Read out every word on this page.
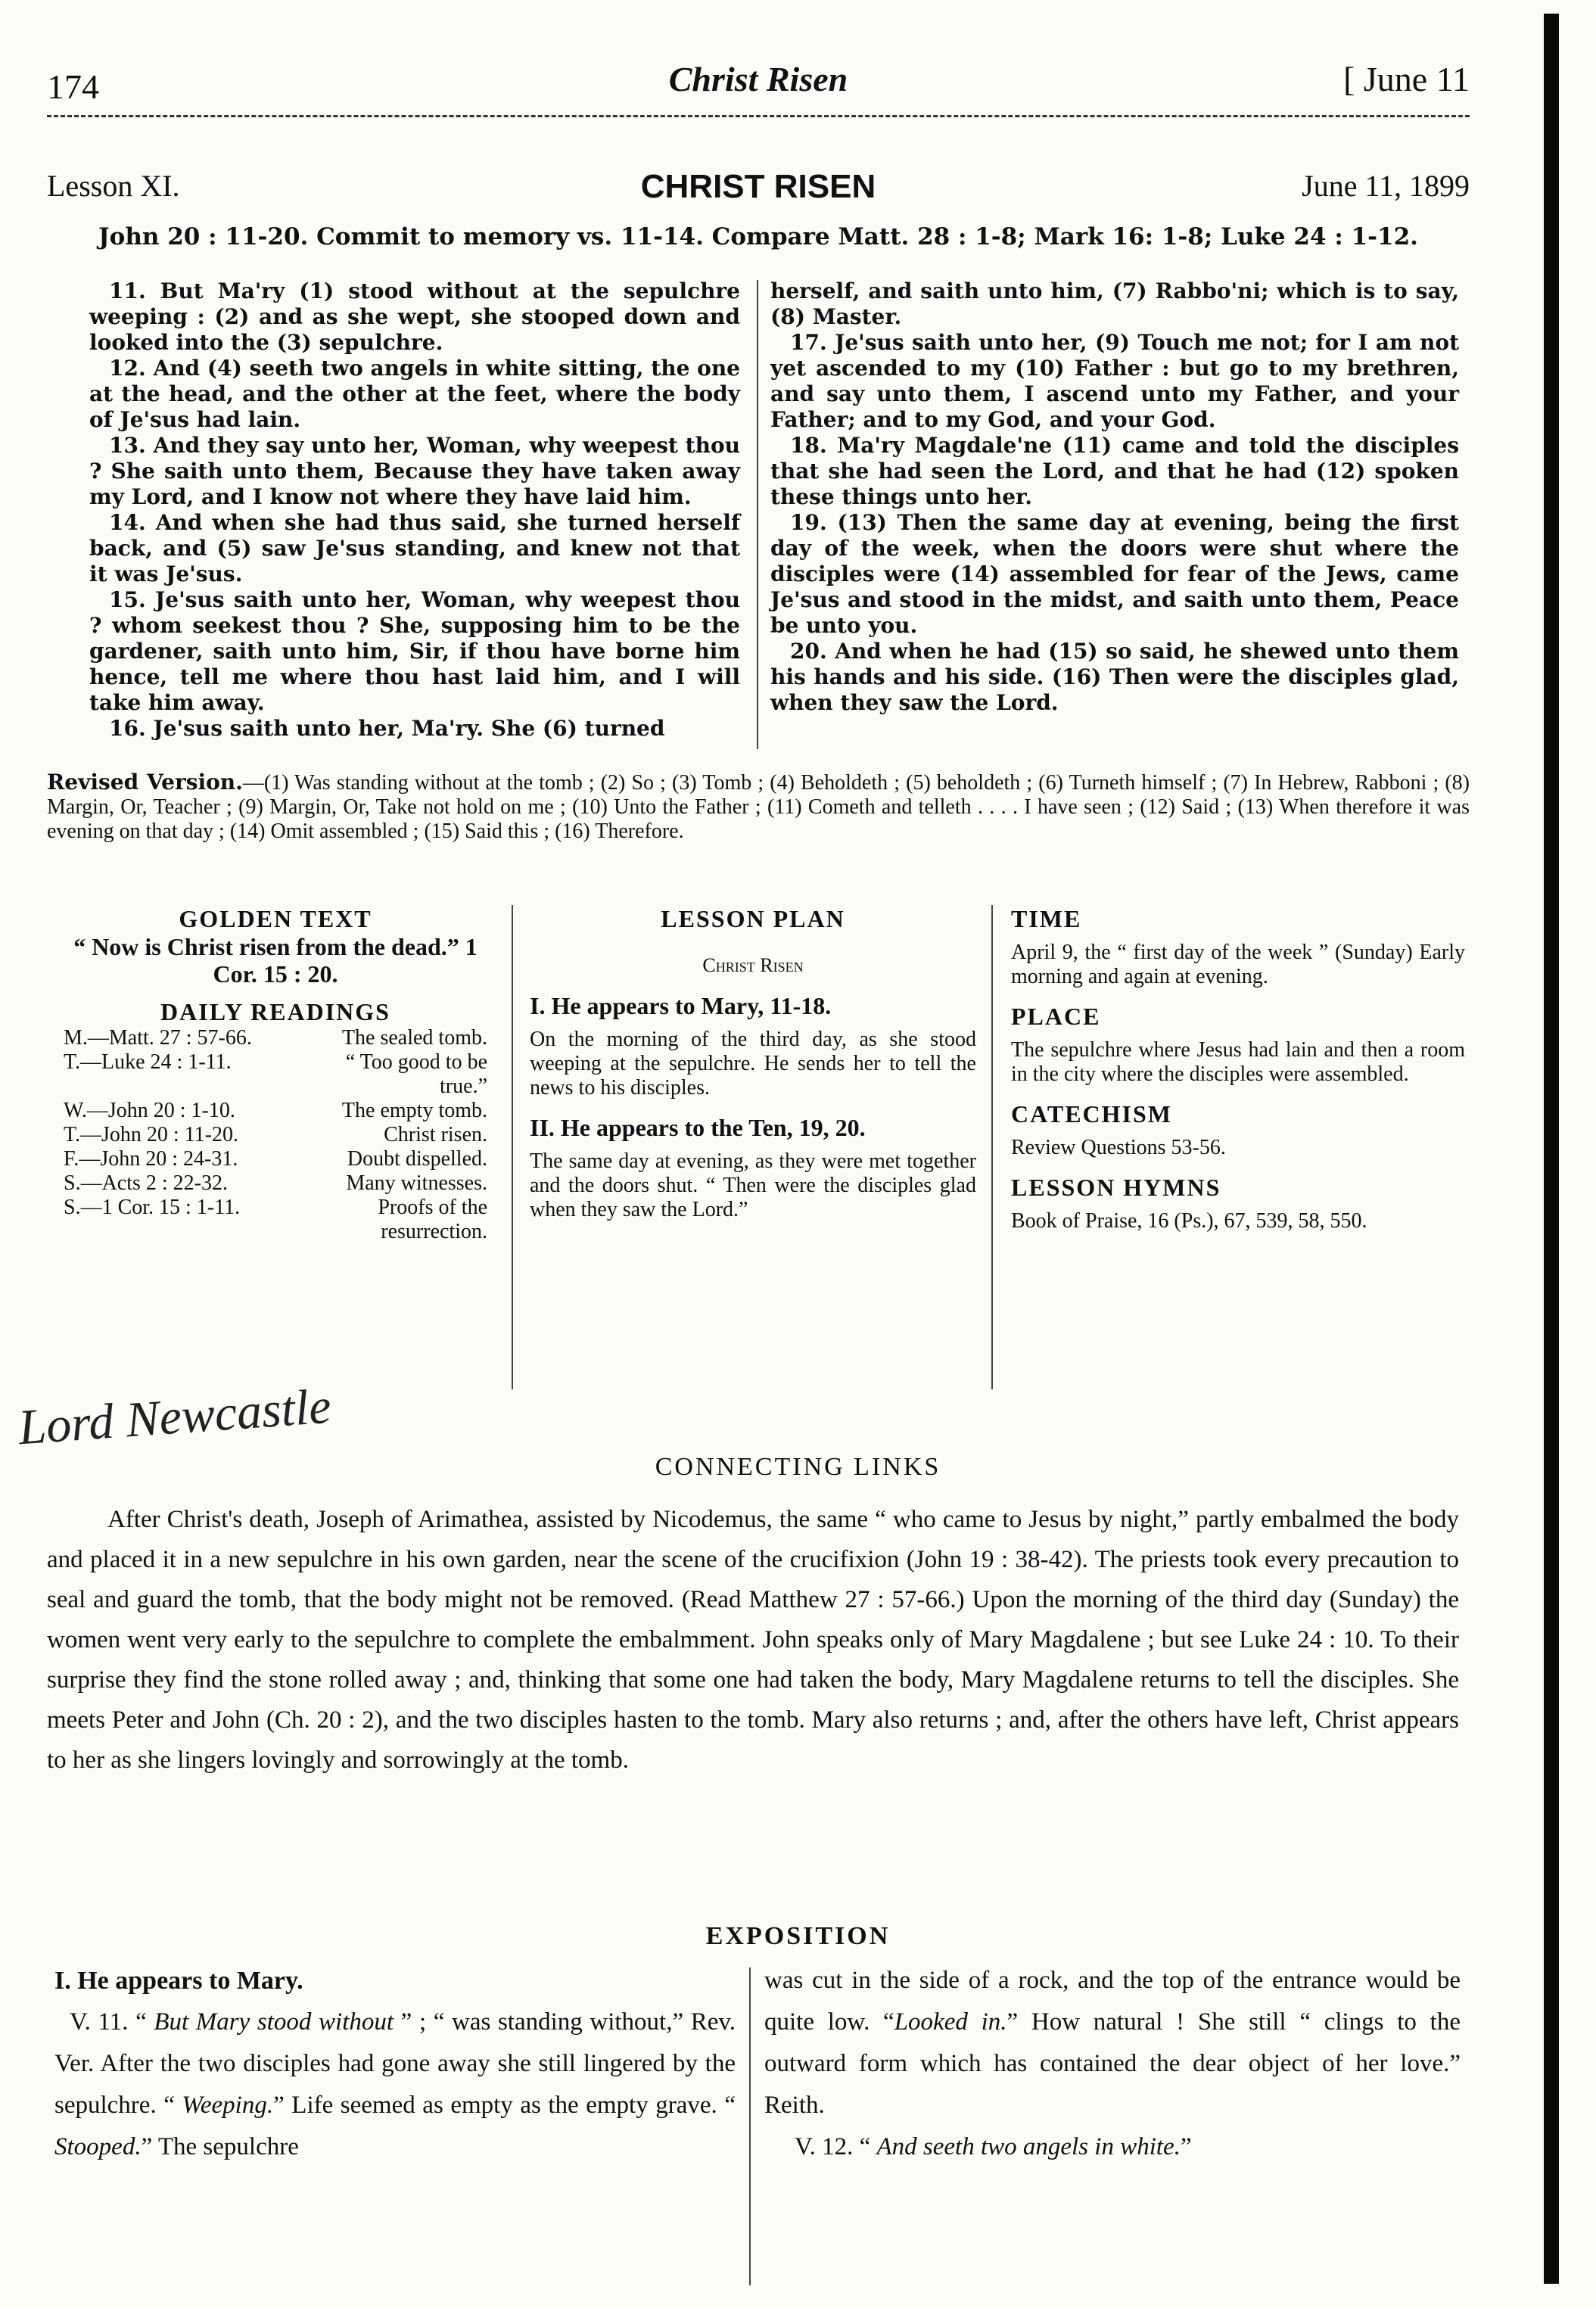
174	Christ Risen	[ June 11
Lesson XI.	CHRIST RISEN	June 11, 1899
John 20 : 11-20. Commit to memory vs. 11-14. Compare Matt. 28 : 1-8; Mark 16: 1-8; Luke 24 : 1-12.

11. But Ma'ry (1) stood without at the sepulchre weeping : (2) and as she wept, she stooped down and looked into the (3) sepulchre.

12. And (4) seeth two angels in white sitting, the one at the head, and the other at the feet, where the body of Je'sus had lain.

13. And they say unto her, Woman, why weepest thou ? She saith unto them, Because they have taken away my Lord, and I know not where they have laid him.

14. And when she had thus said, she turned herself back, and (5) saw Je'sus standing, and knew not that it was Je'sus.

15. Je'sus saith unto her, Woman, why weepest thou ? whom seekest thou ? She, supposing him to be the gardener, saith unto him, Sir, if thou have borne him hence, tell me where thou hast laid him, and I will take him away.

16. Je'sus saith unto her, Ma'ry. She (6) turned

herself, and saith unto him, (7) Rabbo'ni; which is to say, (8) Master.

17. Je'sus saith unto her, (9) Touch me not; for I am not yet ascended to my (10) Father : but go to my brethren, and say unto them, I ascend unto my Father, and your Father; and to my God, and your God.

18. Ma'ry Magdale'ne (11) came and told the disciples that she had seen the Lord, and that he had (12) spoken these things unto her.

19. (13) Then the same day at evening, being the first day of the week, when the doors were shut where the disciples were (14) assembled for fear of the Jews, came Je'sus and stood in the midst, and saith unto them, Peace be unto you.

20. And when he had (15) so said, he shewed unto them his hands and his side. (16) Then were the disciples glad, when they saw the Lord.

Revised Version.—(1) Was standing without at the tomb ; (2) So ; (3) Tomb ; (4) Beholdeth ; (5) beholdeth ; (6) Turneth himself ; (7) In Hebrew, Rabboni ; (8) Margin, Or, Teacher ; (9) Margin, Or, Take not hold on me ; (10) Unto the Father ; (11) Cometh and telleth . . . . I have seen ; (12) Said ; (13) When therefore it was evening on that day ; (14) Omit assembled ; (15) Said this ; (16) Therefore.
GOLDEN TEXT
“ Now is Christ risen from the dead.” 1 Cor. 15 : 20.
DAILY READINGS
M.—Matt. 27 : 57-66.	The sealed tomb.
T.—Luke 24 : 1-11.	“ Too good to be true.”
W.—John 20 : 1-10.	The empty tomb.
T.—John 20 : 11-20.	Christ risen.
F.—John 20 : 24-31.	Doubt dispelled.
S.—Acts 2 : 22-32.	Many witnesses.
S.—1 Cor. 15 : 1-11.	Proofs of the resurrection.
LESSON PLAN
Christ Risen
I. He appears to Mary, 11-18.

On the morning of the third day, as she stood weeping at the sepulchre. He sends her to tell the news to his disciples.

II. He appears to the Ten, 19, 20.

The same day at evening, as they were met together and the doors shut. “ Then were the disciples glad when they saw the Lord.”

TIME

April 9, the “ first day of the week ” (Sunday) Early morning and again at evening.

PLACE

The sepulchre where Jesus had lain and then a room in the city where the disciples were assembled.

CATECHISM

Review Questions 53-56.

LESSON HYMNS

Book of Praise, 16 (Ps.), 67, 539, 58, 550.

Lord Newcastle
CONNECTING LINKS

After Christ's death, Joseph of Arimathea, assisted by Nicodemus, the same “ who came to Jesus by night,” partly embalmed the body and placed it in a new sepulchre in his own garden, near the scene of the crucifixion (John 19 : 38-42). The priests took every precaution to seal and guard the tomb, that the body might not be removed. (Read Matthew 27 : 57-66.) Upon the morning of the third day (Sunday) the women went very early to the sepulchre to complete the embalmment. John speaks only of Mary Magdalene ; but see Luke 24 : 10. To their surprise they find the stone rolled away ; and, thinking that some one had taken the body, Mary Magdalene returns to tell the disciples. She meets Peter and John (Ch. 20 : 2), and the two disciples hasten to the tomb. Mary also returns ; and, after the others have left, Christ appears to her as she lingers lovingly and sorrowingly at the tomb.

EXPOSITION

I. He appears to Mary.

V. 11. “ But Mary stood without ” ; “ was standing without,” Rev. Ver. After the two disciples had gone away she still lingered by the sepulchre. “ Weeping.” Life seemed as empty as the empty grave. “ Stooped.” The sepulchre

was cut in the side of a rock, and the top of the entrance would be quite low. “Looked in.” How natural ! She still “ clings to the outward form which has contained the dear object of her love.” Reith.

V. 12. “ And seeth two angels in white.”
